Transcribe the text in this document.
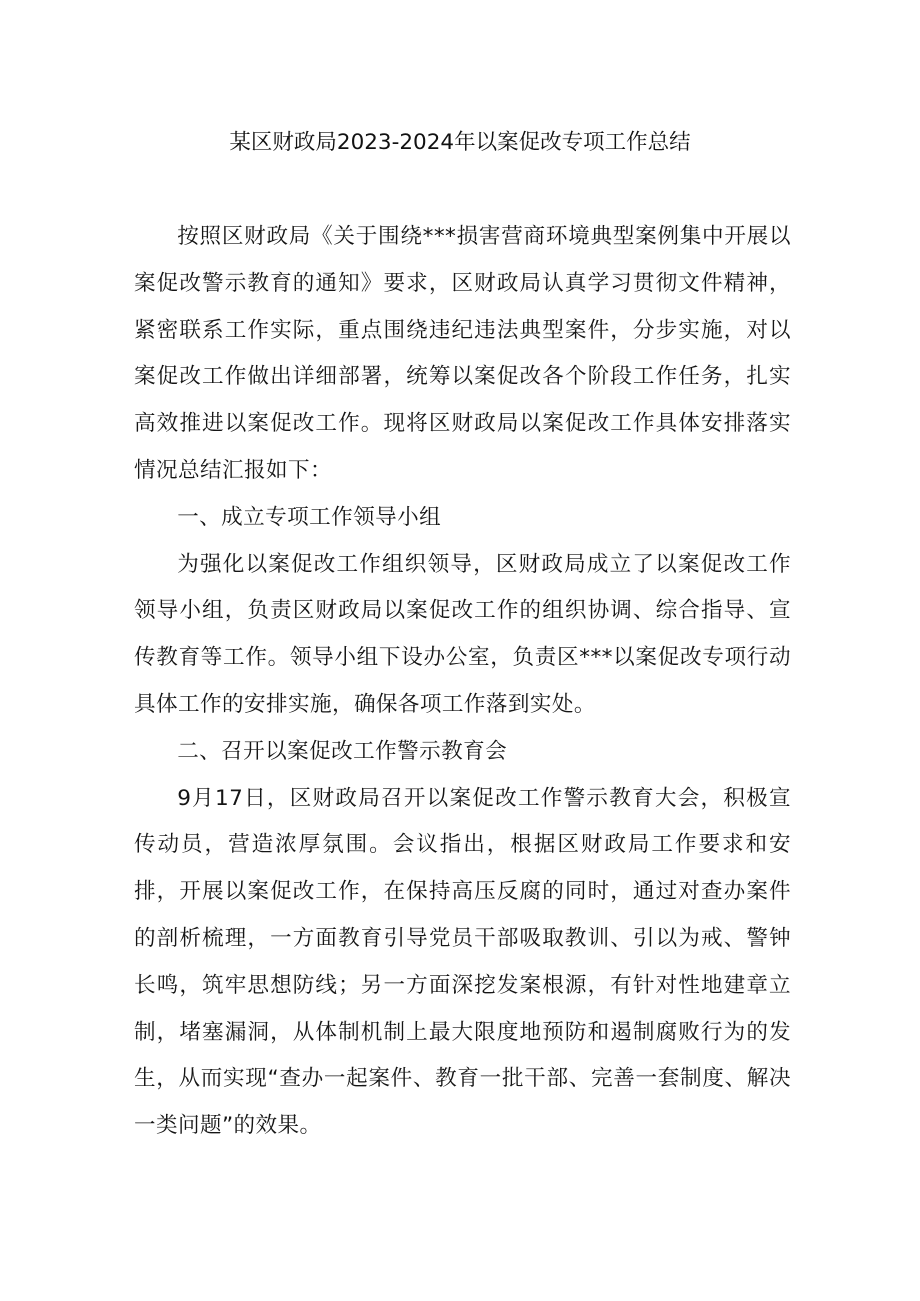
某区财政局2023-2024年以案促改专项工作总结

按照区财政局《关于围绕***损害营商环境典型案例集中开展以案促改警示教育的通知》要求，区财政局认真学习贯彻文件精神，紧密联系工作实际，重点围绕违纪违法典型案件，分步实施，对以案促改工作做出详细部署，统筹以案促改各个阶段工作任务，扎实高效推进以案促改工作。现将区财政局以案促改工作具体安排落实情况总结汇报如下：

一、成立专项工作领导小组

为强化以案促改工作组织领导，区财政局成立了以案促改工作领导小组，负责区财政局以案促改工作的组织协调、综合指导、宣传教育等工作。领导小组下设办公室，负责区***以案促改专项行动具体工作的安排实施，确保各项工作落到实处。

二、召开以案促改工作警示教育会

9月17日，区财政局召开以案促改工作警示教育大会，积极宣传动员，营造浓厚氛围。会议指出，根据区财政局工作要求和安排，开展以案促改工作，在保持高压反腐的同时，通过对查办案件的剖析梳理，一方面教育引导党员干部吸取教训、引以为戒、警钟长鸣，筑牢思想防线；另一方面深挖发案根源，有针对性地建章立制，堵塞漏洞，从体制机制上最大限度地预防和遏制腐败行为的发生，从而实现“查办一起案件、教育一批干部、完善一套制度、解决一类问题”的效果。
